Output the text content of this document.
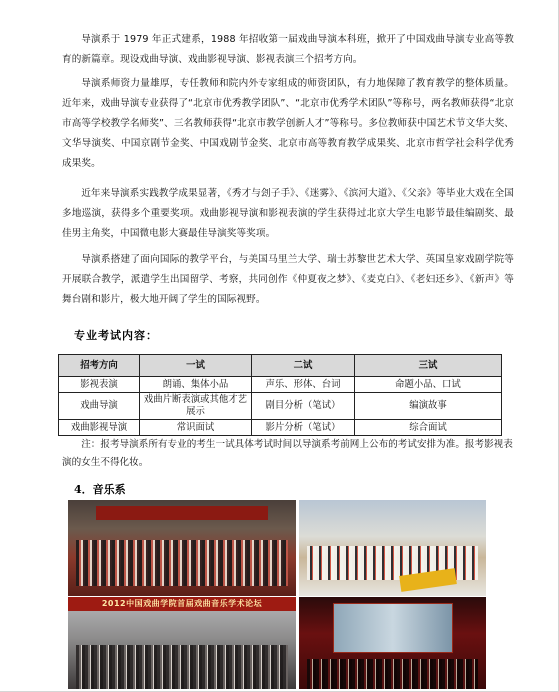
导演系于 1979 年正式建系，1988 年招收第一届戏曲导演本科班，掀开了中国戏曲导演专业高等教育的新篇章。现设戏曲导演、戏曲影视导演、影视表演三个招考方向。

导演系师资力量雄厚，专任教师和院内外专家组成的师资团队，有力地保障了教育教学的整体质量。近年来，戏曲导演专业获得了“北京市优秀教学团队”、“北京市优秀学术团队”等称号，两名教师获得“北京市高等学校教学名师奖”、三名教师获得“北京市教学创新人才”等称号。多位教师获中国艺术节文华大奖、文华导演奖、中国京剧节金奖、中国戏剧节金奖、北京市高等教育教学成果奖、北京市哲学社会科学优秀成果奖。

近年来导演系实践教学成果显著，《秀才与刽子手》、《迷雾》、《滨河大道》、《父亲》等毕业大戏在全国多地巡演，获得多个重要奖项。戏曲影视导演和影视表演的学生获得过北京大学生电影节最佳编剧奖、最佳男主角奖，中国微电影大赛最佳导演奖等奖项。

导演系搭建了面向国际的教学平台，与美国马里兰大学、瑞士苏黎世艺术大学、英国皇家戏剧学院等开展联合教学，派遣学生出国留学、考察，共同创作《仲夏夜之梦》、《麦克白》、《老妇还乡》、《新声》等舞台剧和影片，极大地开阔了学生的国际视野。

专业考试内容：
招考方向	一试	二试	三试
影视表演	朗诵、集体小品	声乐、形体、台词	命题小品、口试
戏曲导演	戏曲片断表演或其他才艺展示	剧目分析（笔试）	编演故事
戏曲影视导演	常识面试	影片分析（笔试）	综合面试

注：报考导演系所有专业的考生一试具体考试时间以导演系考前网上公布的考试安排为准。报考影视表演的女生不得化妆。

4．音乐系
2012中国戏曲学院首届戏曲音乐学术论坛
